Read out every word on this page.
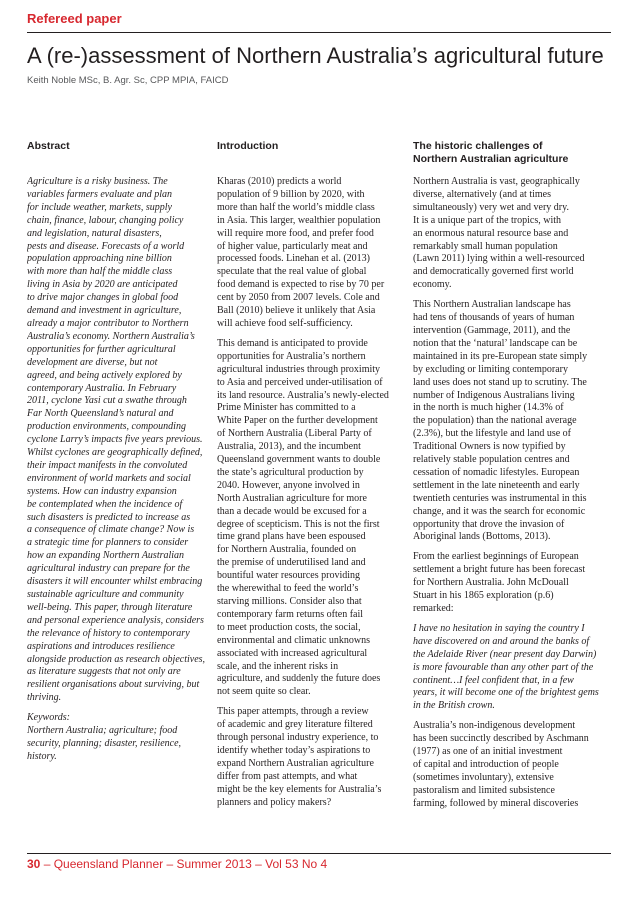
Refereed paper

A (re-)assessment of Northern Australia’s agricultural future

Keith Noble MSc, B. Agr. Sc, CPP MPIA, FAICD

Abstract

Agriculture is a risky business. The
variables farmers evaluate and plan
for include weather, markets, supply
chain, finance, labour, changing policy
and legislation, natural disasters,
pests and disease. Forecasts of a world
population approaching nine billion
with more than half the middle class
living in Asia by 2020 are anticipated
to drive major changes in global food
demand and investment in agriculture,
already a major contributor to Northern
Australia’s economy. Northern Australia’s
opportunities for further agricultural
development are diverse, but not
agreed, and being actively explored by
contemporary Australia. In February
2011, cyclone Yasi cut a swathe through
Far North Queensland’s natural and
production environments, compounding
cyclone Larry’s impacts five years previous.
Whilst cyclones are geographically defined,
their impact manifests in the convoluted
environment of world markets and social
systems. How can industry expansion
be contemplated when the incidence of
such disasters is predicted to increase as
a consequence of climate change? Now is
a strategic time for planners to consider
how an expanding Northern Australian
agricultural industry can prepare for the
disasters it will encounter whilst embracing
sustainable agriculture and community
well-being. This paper, through literature
and personal experience analysis, considers
the relevance of history to contemporary
aspirations and introduces resilience
alongside production as research objectives,
as literature suggests that not only are
resilient organisations about surviving, but
thriving.

Keywords:

Northern Australia; agriculture; food
security, planning; disaster, resilience,
history.

Introduction

Kharas (2010) predicts a world
population of 9 billion by 2020, with
more than half the world’s middle class
in Asia. This larger, wealthier population
will require more food, and prefer food
of higher value, particularly meat and
processed foods. Linehan et al. (2013)
speculate that the real value of global
food demand is expected to rise by 70 per
cent by 2050 from 2007 levels. Cole and
Ball (2010) believe it unlikely that Asia
will achieve food self-sufficiency.

This demand is anticipated to provide
opportunities for Australia’s northern
agricultural industries through proximity
to Asia and perceived under-utilisation of
its land resource. Australia’s newly-elected
Prime Minister has committed to a
White Paper on the further development
of Northern Australia (Liberal Party of
Australia, 2013), and the incumbent
Queensland government wants to double
the state’s agricultural production by
2040. However, anyone involved in
North Australian agriculture for more
than a decade would be excused for a
degree of scepticism. This is not the first
time grand plans have been espoused
for Northern Australia, founded on
the premise of underutilised land and
bountiful water resources providing
the wherewithal to feed the world’s
starving millions. Consider also that
contemporary farm returns often fail
to meet production costs, the social,
environmental and climatic unknowns
associated with increased agricultural
scale, and the inherent risks in
agriculture, and suddenly the future does
not seem quite so clear.

This paper attempts, through a review
of academic and grey literature filtered
through personal industry experience, to
identify whether today’s aspirations to
expand Northern Australian agriculture
differ from past attempts, and what
might be the key elements for Australia’s
planners and policy makers?

The historic challenges of
Northern Australian agriculture

Northern Australia is vast, geographically
diverse, alternatively (and at times
simultaneously) very wet and very dry.
It is a unique part of the tropics, with
an enormous natural resource base and
remarkably small human population
(Lawn 2011) lying within a well-resourced
and democratically governed first world
economy.

This Northern Australian landscape has
had tens of thousands of years of human
intervention (Gammage, 2011), and the
notion that the ‘natural’ landscape can be
maintained in its pre-European state simply
by excluding or limiting contemporary
land uses does not stand up to scrutiny. The
number of Indigenous Australians living
in the north is much higher (14.3% of
the population) than the national average
(2.3%), but the lifestyle and land use of
Traditional Owners is now typified by
relatively stable population centres and
cessation of nomadic lifestyles. European
settlement in the late nineteenth and early
twentieth centuries was instrumental in this
change, and it was the search for economic
opportunity that drove the invasion of
Aboriginal lands (Bottoms, 2013).

From the earliest beginnings of European
settlement a bright future has been forecast
for Northern Australia. John McDouall
Stuart in his 1865 exploration (p.6)
remarked:

I have no hesitation in saying the country I
have discovered on and around the banks of
the Adelaide River (near present day Darwin)
is more favourable than any other part of the
continent…I feel confident that, in a few
years, it will become one of the brightest gems
in the British crown.

Australia’s non-indigenous development
has been succinctly described by Aschmann
(1977) as one of an initial investment
of capital and introduction of people
(sometimes involuntary), extensive
pastoralism and limited subsistence
farming, followed by mineral discoveries

30 – Queensland Planner – Summer 2013 – Vol 53 No 4
